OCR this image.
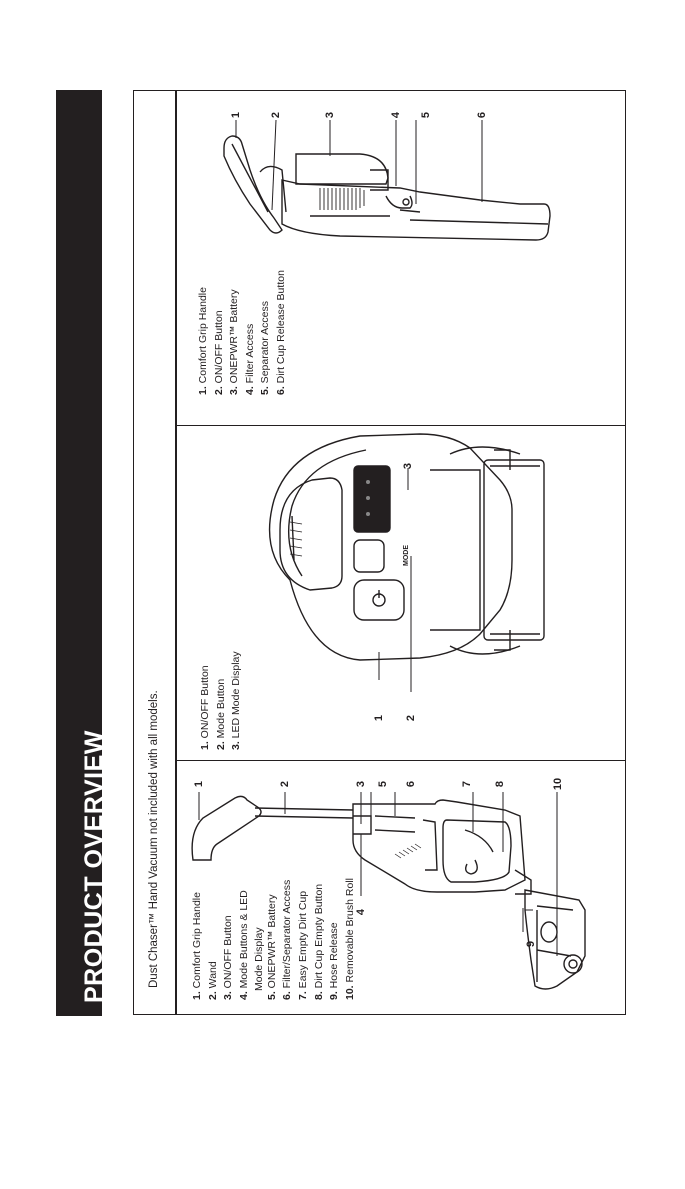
PRODUCT OVERVIEW	Dust Chaser™ Hand Vacuum not included with all models.
1. Comfort Grip Handle
2. Wand
3. ON/OFF Button
4. Mode Buttons & LED Mode Display
5. ONEPWR™ Battery
6. Filter/Separator Access
7. Easy Empty Dirt Cup
8. Dirt Cup Empty Button
9. Hose Release
10. Removable Brush Roll
1	2	3 5 6	7 8	10
4
9
1. ON/OFF Button
2. Mode Button
3. LED Mode Display
MODE
1 2
3
1. Comfort Grip Handle
2. ON/OFF Button
3. ONEPWR™ Battery
4. Filter Access
5. Separator Access
6. Dirt Cup Release Button
1	2	3	4 5	6
